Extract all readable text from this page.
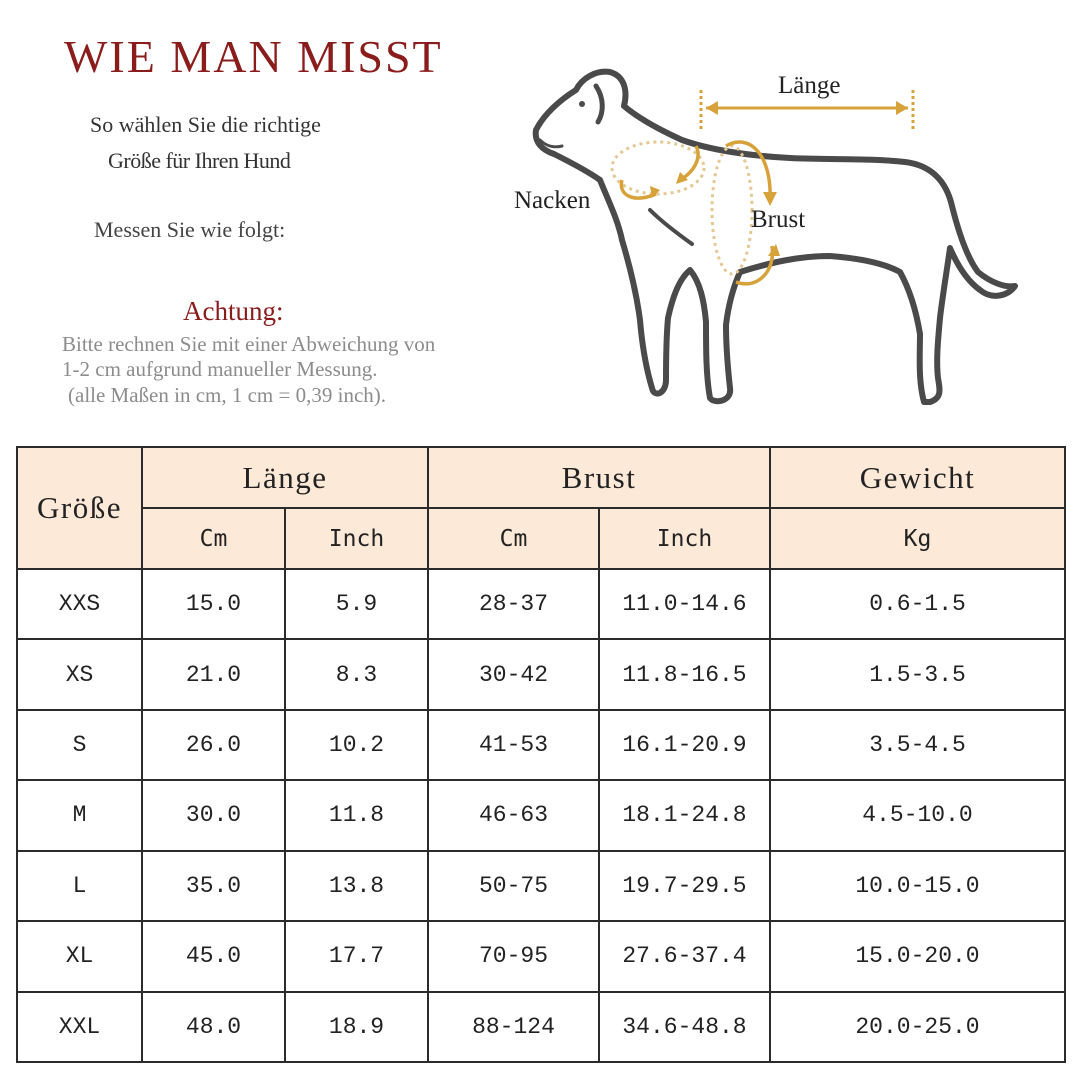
WIE MAN MISST
So wählen Sie die richtige
Größe für Ihren Hund
Messen Sie wie folgt:
Achtung:
Bitte rechnen Sie mit einer Abweichung von
1-2 cm aufgrund manueller Messung.
(alle Maßen in cm, 1 cm = 0,39 inch).
Länge
Nacken
Brust
Größe	Länge		Brust		Gewicht
	Cm	Inch	Cm	Inch	Kg
XXS	15.0	5.9	28-37	11.0-14.6	0.6-1.5
XS	21.0	8.3	30-42	11.8-16.5	1.5-3.5
S	26.0	10.2	41-53	16.1-20.9	3.5-4.5
M	30.0	11.8	46-63	18.1-24.8	4.5-10.0
L	35.0	13.8	50-75	19.7-29.5	10.0-15.0
XL	45.0	17.7	70-95	27.6-37.4	15.0-20.0
XXL	48.0	18.9	88-124	34.6-48.8	20.0-25.0
